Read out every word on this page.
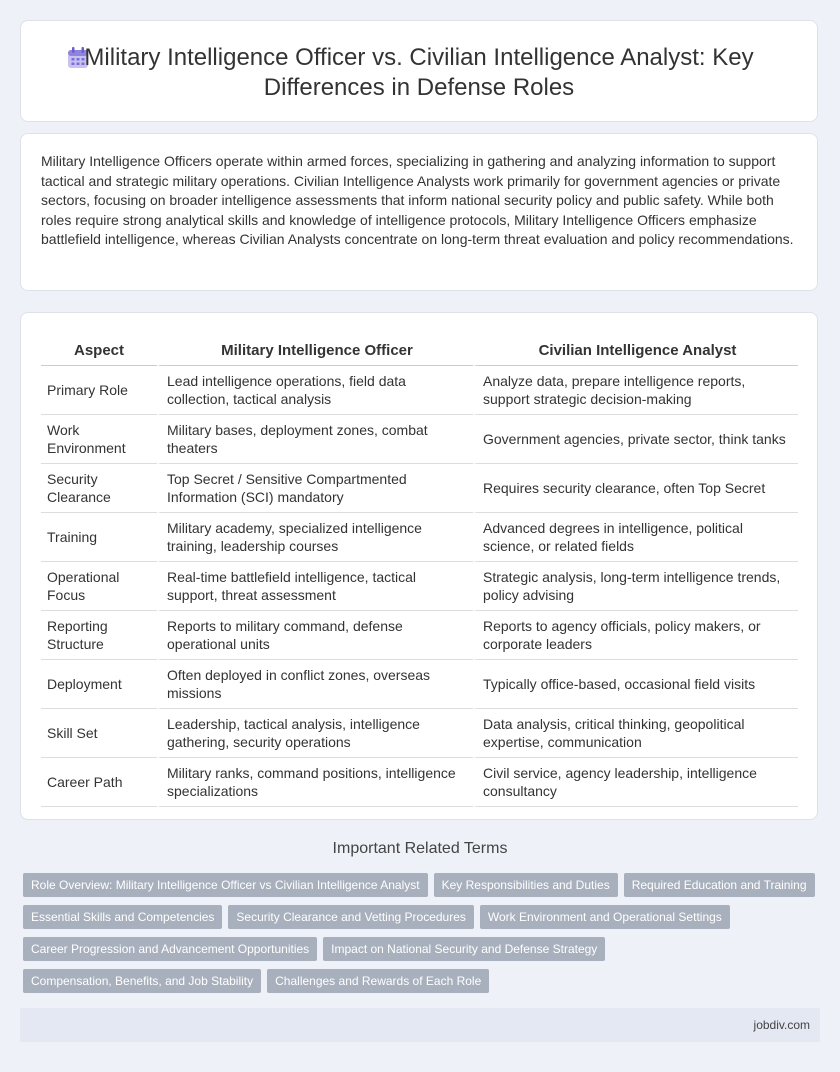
Military Intelligence Officer vs. Civilian Intelligence Analyst: Key Differences in Defense Roles
Military Intelligence Officers operate within armed forces, specializing in gathering and analyzing information to support tactical and strategic military operations. Civilian Intelligence Analysts work primarily for government agencies or private sectors, focusing on broader intelligence assessments that inform national security policy and public safety. While both roles require strong analytical skills and knowledge of intelligence protocols, Military Intelligence Officers emphasize battlefield intelligence, whereas Civilian Analysts concentrate on long-term threat evaluation and policy recommendations.
Aspect	Military Intelligence Officer	Civilian Intelligence Analyst
Primary Role	Lead intelligence operations, field data collection, tactical analysis	Analyze data, prepare intelligence reports, support strategic decision-making
Work Environment	Military bases, deployment zones, combat theaters	Government agencies, private sector, think tanks
Security Clearance	Top Secret / Sensitive Compartmented Information (SCI) mandatory	Requires security clearance, often Top Secret
Training	Military academy, specialized intelligence training, leadership courses	Advanced degrees in intelligence, political science, or related fields
Operational Focus	Real-time battlefield intelligence, tactical support, threat assessment	Strategic analysis, long-term intelligence trends, policy advising
Reporting Structure	Reports to military command, defense operational units	Reports to agency officials, policy makers, or corporate leaders
Deployment	Often deployed in conflict zones, overseas missions	Typically office-based, occasional field visits
Skill Set	Leadership, tactical analysis, intelligence gathering, security operations	Data analysis, critical thinking, geopolitical expertise, communication
Career Path	Military ranks, command positions, intelligence specializations	Civil service, agency leadership, intelligence consultancy
Important Related Terms
Role Overview: Military Intelligence Officer vs Civilian Intelligence Analyst	Key Responsibilities and Duties	Required Education and Training
Essential Skills and Competencies	Security Clearance and Vetting Procedures	Work Environment and Operational Settings
Career Progression and Advancement Opportunities	Impact on National Security and Defense Strategy
Compensation, Benefits, and Job Stability	Challenges and Rewards of Each Role
jobdiv.com
